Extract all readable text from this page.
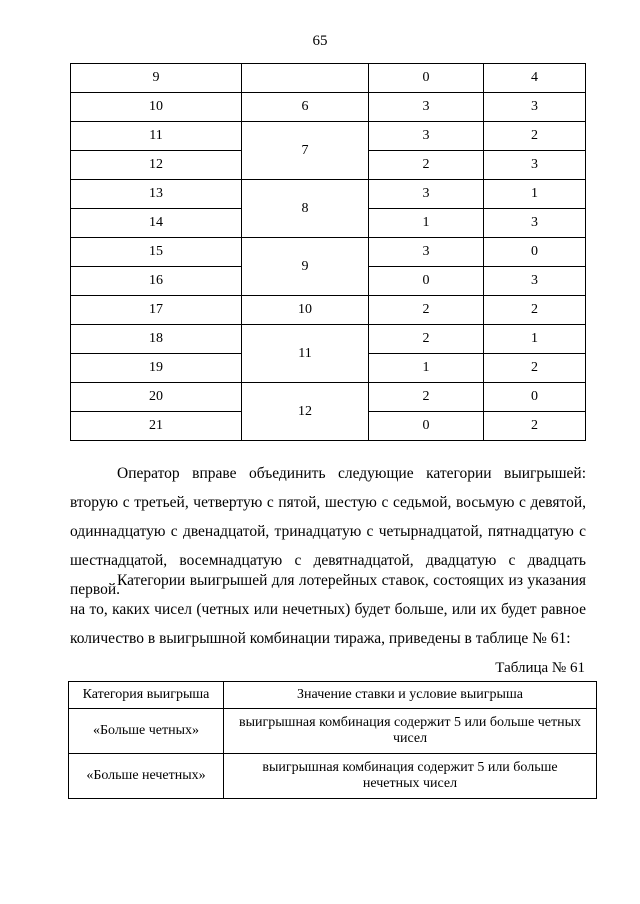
65
9		0	4
10	6	3	3
11	7	3	2
12		2	3
13	8	3	1
14		1	3
15	9	3	0
16		0	3
17	10	2	2
18	11	2	1
19		1	2
20	12	2	0
21		0	2

Оператор вправе объединить следующие категории выигрышей: вторую с третьей, четвертую с пятой, шестую с седьмой, восьмую с девятой, одиннадцатую с двенадцатой, тринадцатую с четырнадцатой, пятнадцатую с шестнадцатой, восемнадцатую с девятнадцатой, двадцатую с двадцать первой.

Категории выигрышей для лотерейных ставок, состоящих из указания на то, каких чисел (четных или нечетных) будет больше, или их будет равное количество в выигрышной комбинации тиража, приведены в таблице № 61:

Таблица № 61
Категория выигрыша	Значение ставки и условие выигрыша
«Больше четных»	выигрышная комбинация содержит 5 или больше четных чисел
«Больше нечетных»	выигрышная комбинация содержит 5 или больше нечетных чисел
